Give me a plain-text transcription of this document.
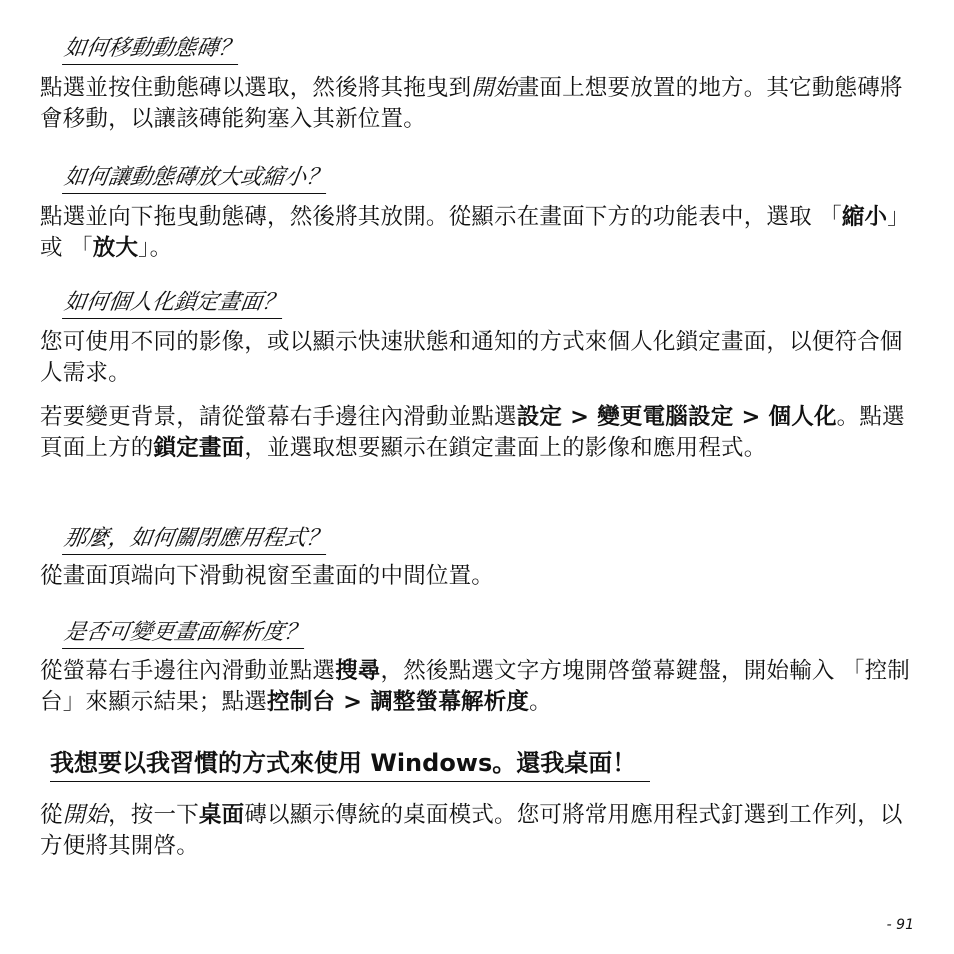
如何移動動態磚？

點選並按住動態磚以選取，然後將其拖曳到開始畫面上想要放置的地方。其它動態磚將會移動，以讓該磚能夠塞入其新位置。

如何讓動態磚放大或縮小？

點選並向下拖曳動態磚，然後將其放開。從顯示在畫面下方的功能表中，選取 「縮小」或 「放大」。

如何個人化鎖定畫面？

您可使用不同的影像，或以顯示快速狀態和通知的方式來個人化鎖定畫面，以便符合個人需求。

若要變更背景，請從螢幕右手邊往內滑動並點選設定 > 變更電腦設定 > 個人化。點選頁面上方的鎖定畫面，並選取想要顯示在鎖定畫面上的影像和應用程式。

那麼，如何關閉應用程式？

從畫面頂端向下滑動視窗至畫面的中間位置。

是否可變更畫面解析度？

從螢幕右手邊往內滑動並點選搜尋，然後點選文字方塊開啓螢幕鍵盤，開始輸入 「控制台」來顯示結果；點選控制台 > 調整螢幕解析度。

我想要以我習慣的方式來使用 Windows。還我桌面！

從開始，按一下桌面磚以顯示傳統的桌面模式。您可將常用應用程式釘選到工作列，以方便將其開啓。

- 91
